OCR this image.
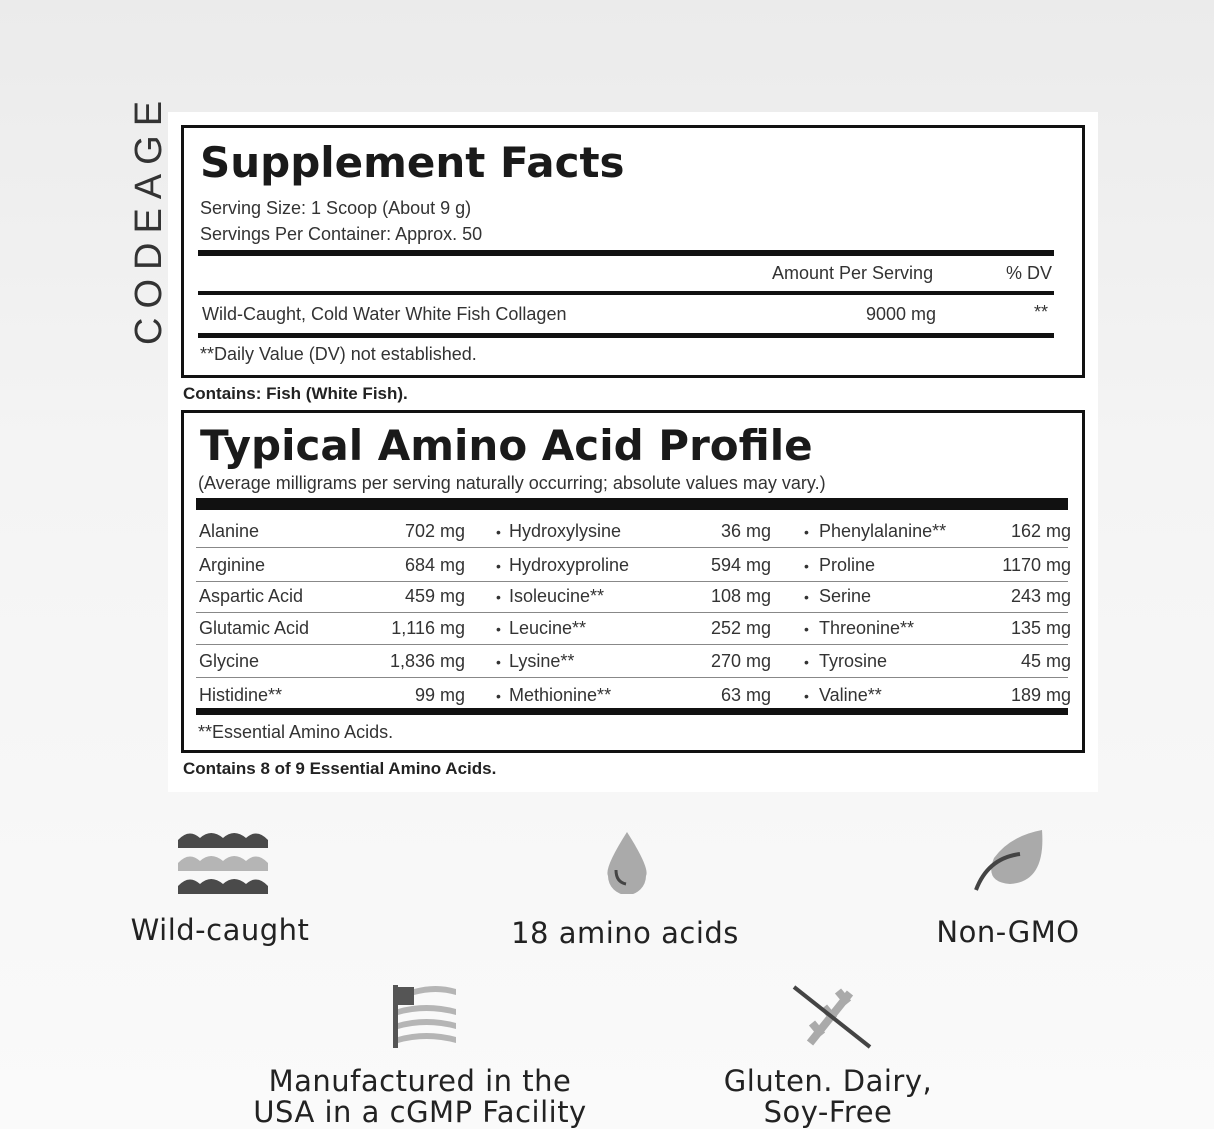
CODEAGE Supplement Facts
Serving Size: 1 Scoop (About 9 g)
Servings Per Container: Approx. 50
Amount Per Serving	% DV
Wild-Caught, Cold Water White Fish Collagen	9000 mg	**
**Daily Value (DV) not established.
Contains: Fish (White Fish).
Typical Amino Acid Profile
(Average milligrams per serving naturally occurring; absolute values may vary.)
Alanine	702 mg • Hydroxylysine	36 mg • Phenylalanine**	162 mg
Arginine	684 mg • Hydroxyproline	594 mg • Proline	1170 mg
Aspartic Acid	459 mg • Isoleucine**	108 mg • Serine	243 mg
Glutamic Acid	1,116 mg • Leucine**	252 mg • Threonine**	135 mg
Glycine	1,836 mg • Lysine**	270 mg • Tyrosine	45 mg
Histidine**	99 mg • Methionine**	63 mg • Valine**	189 mg
**Essential Amino Acids.
Contains 8 of 9 Essential Amino Acids.
Wild-caught	18 amino acids	Non-GMO
Manufactured in the
USA in a cGMP Facility
Gluten. Dairy,
Soy-Free
